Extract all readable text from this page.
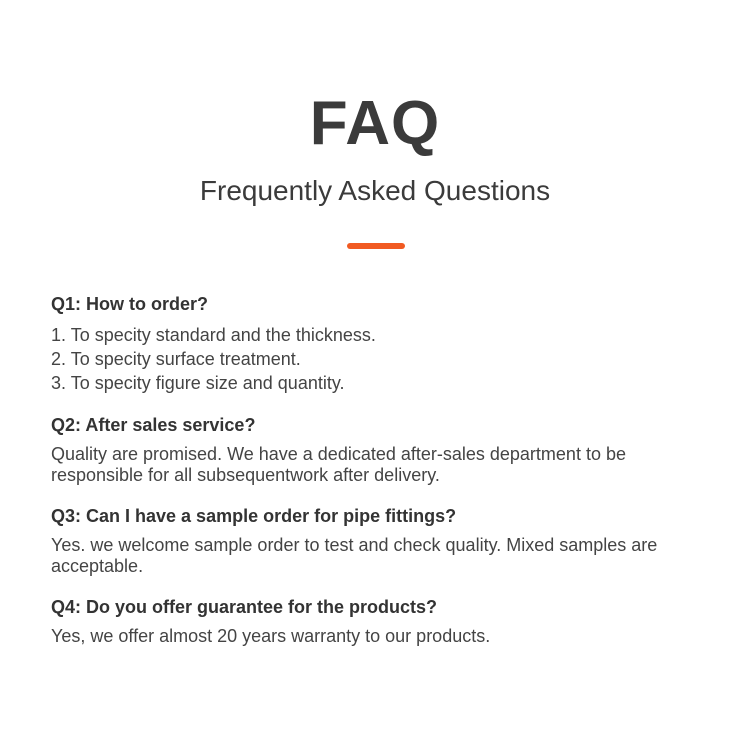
FAQ
Frequently Asked Questions
Q1: How to order?
1. To specity standard and the thickness.
2. To specity surface treatment.
3. To specity figure size and quantity.
Q2: After sales service?
Quality are promised. We have a dedicated after-sales department to be responsible for all subsequentwork after delivery.
Q3: Can I have a sample order for pipe fittings?
Yes. we welcome sample order to test and check quality. Mixed samples are acceptable.
Q4: Do you offer guarantee for the products?
Yes, we offer almost 20 years warranty to our products.
